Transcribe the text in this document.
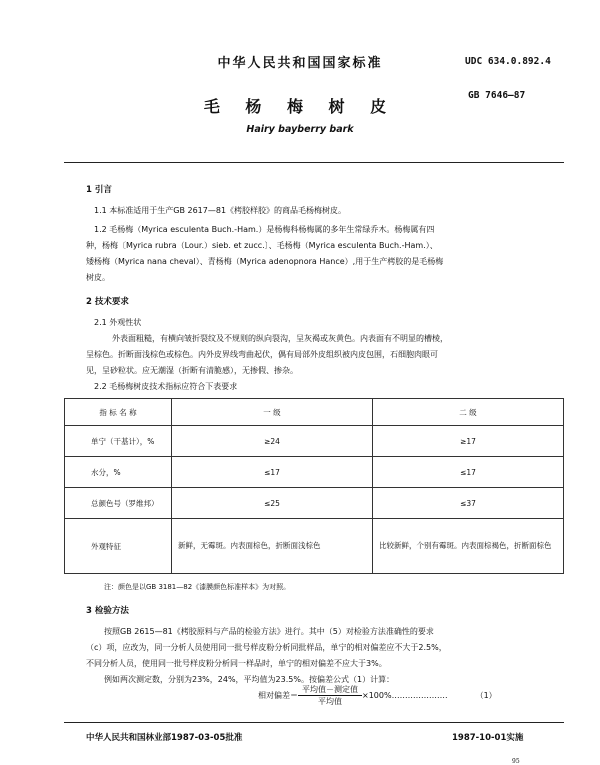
中华人民共和国国家标准	UDC 634.0.892.4
毛 杨 梅 树 皮
GB 7646—87
Hairy bayberry bark
1 引言
1.1 本标准适用于生产GB 2617—81《栲胶样胶》的商品毛杨梅树皮。
1.2 毛杨梅（Myrica esculenta Buch.-Ham.）是杨梅科杨梅属的多年生常绿乔木。杨梅属有四
种，杨梅〔Myrica rubra（Lour.）sieb. et zucc.〕、毛杨梅（Myrica esculenta Buch.-Ham.）、
矮杨梅（Myrica nana cheval）、青杨梅（Myrica adenopnora Hance）,用于生产栲胶的是毛杨梅
树皮。
2 技术要求
2.1 外观性状
外表面粗糙，有横向皱折裂纹及不规则的纵向裂沟，呈灰褐或灰黄色。内表面有不明显的槽棱，
呈棕色。折断面浅棕色或棕色。内外皮界线弯曲起伏，偶有局部外皮组织被内皮包围，石细胞肉眼可
见，呈砂粒状。应无潮湿（折断有清脆感），无掺假、掺杂。
2.2 毛杨梅树皮技术指标应符合下表要求
指 标 名 称	一 级	二 级
单宁（干基计），%	≥24	≥17
水分，%	≤17	≤17
总颜色号（罗维邦）	≤25	≤37
外观特征	新鲜，无霉斑。内表面棕色，折断面浅棕色	比较新鲜，个别有霉斑。内表面棕褐色，折断面棕色
注：颜色是以GB 3181—82《漆膜颜色标准样本》为对照。
3 检验方法
按照GB 2615—81《栲胶原料与产品的检验方法》进行。其中（5）对检验方法准确性的要求
（c）项，应改为，同一分析人员使用同一批号样皮粉分析同批样品，单宁的相对偏差应不大于2.5%，
不同分析人员，使用同一批号样皮粉分析同一样品时，单宁的相对偏差不应大于3%。
例如两次测定数，分别为23%，24%，平均值为23.5%。按偏差公式（1）计算：
相对偏差＝ $\frac{\text{平均值－测定值}}{\text{平均值}}$ ×100%…………………	（1）
中华人民共和国林业部1987-03-05批准	1987-10-01实施
95
